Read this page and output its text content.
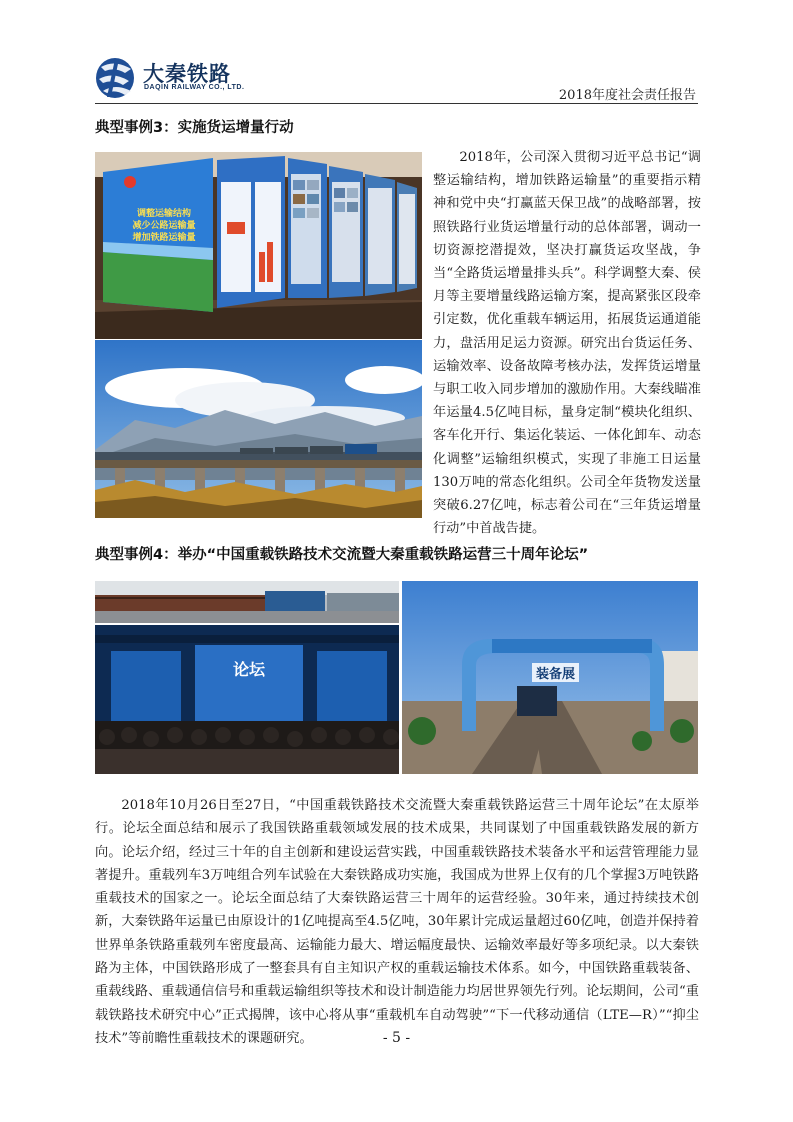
大秦铁路
DAQIN RAILWAY CO., LTD.
2018年度社会责任报告
典型事例3：实施货运增量行动
调整运输结构
减少公路运输量
增加铁路运输量
2018年，公司深入贯彻习近平总书记“调整运输结构，增加铁路运输量”的重要指示精神和党中央“打赢蓝天保卫战”的战略部署，按照铁路行业货运增量行动的总体部署，调动一切资源挖潜提效，坚决打赢货运攻坚战，争当“全路货运增量排头兵”。科学调整大秦、侯月等主要增量线路运输方案，提高紧张区段牵引定数，优化重载车辆运用，拓展货运通道能力，盘活用足运力资源。研究出台货运任务、运输效率、设备故障考核办法，发挥货运增量与职工收入同步增加的激励作用。大秦线瞄准年运量4.5亿吨目标，量身定制“模块化组织、客车化开行、集运化装运、一体化卸车、动态化调整”运输组织模式，实现了非施工日运量130万吨的常态化组织。公司全年货物发送量突破6.27亿吨，标志着公司在“三年货运增量行动”中首战告捷。
典型事例4：举办“中国重载铁路技术交流暨大秦重载铁路运营三十周年论坛”
论坛	装备展
2018年10月26日至27日，“中国重载铁路技术交流暨大秦重载铁路运营三十周年论坛”在太原举行。论坛全面总结和展示了我国铁路重载领域发展的技术成果，共同谋划了中国重载铁路发展的新方向。论坛介绍，经过三十年的自主创新和建设运营实践，中国重载铁路技术装备水平和运营管理能力显著提升。重载列车3万吨组合列车试验在大秦铁路成功实施，我国成为世界上仅有的几个掌握3万吨铁路重载技术的国家之一。论坛全面总结了大秦铁路运营三十周年的运营经验。30年来，通过持续技术创新，大秦铁路年运量已由原设计的1亿吨提高至4.5亿吨，30年累计完成运量超过60亿吨，创造并保持着世界单条铁路重载列车密度最高、运输能力最大、增运幅度最快、运输效率最好等多项纪录。以大秦铁路为主体，中国铁路形成了一整套具有自主知识产权的重载运输技术体系。如今，中国铁路重载装备、重载线路、重载通信信号和重载运输组织等技术和设计制造能力均居世界领先行列。论坛期间，公司“重载铁路技术研究中心”正式揭牌，该中心将从事“重载机车自动驾驶”“下一代移动通信（LTE—R）”“抑尘技术”等前瞻性重载技术的课题研究。	- 5 -
